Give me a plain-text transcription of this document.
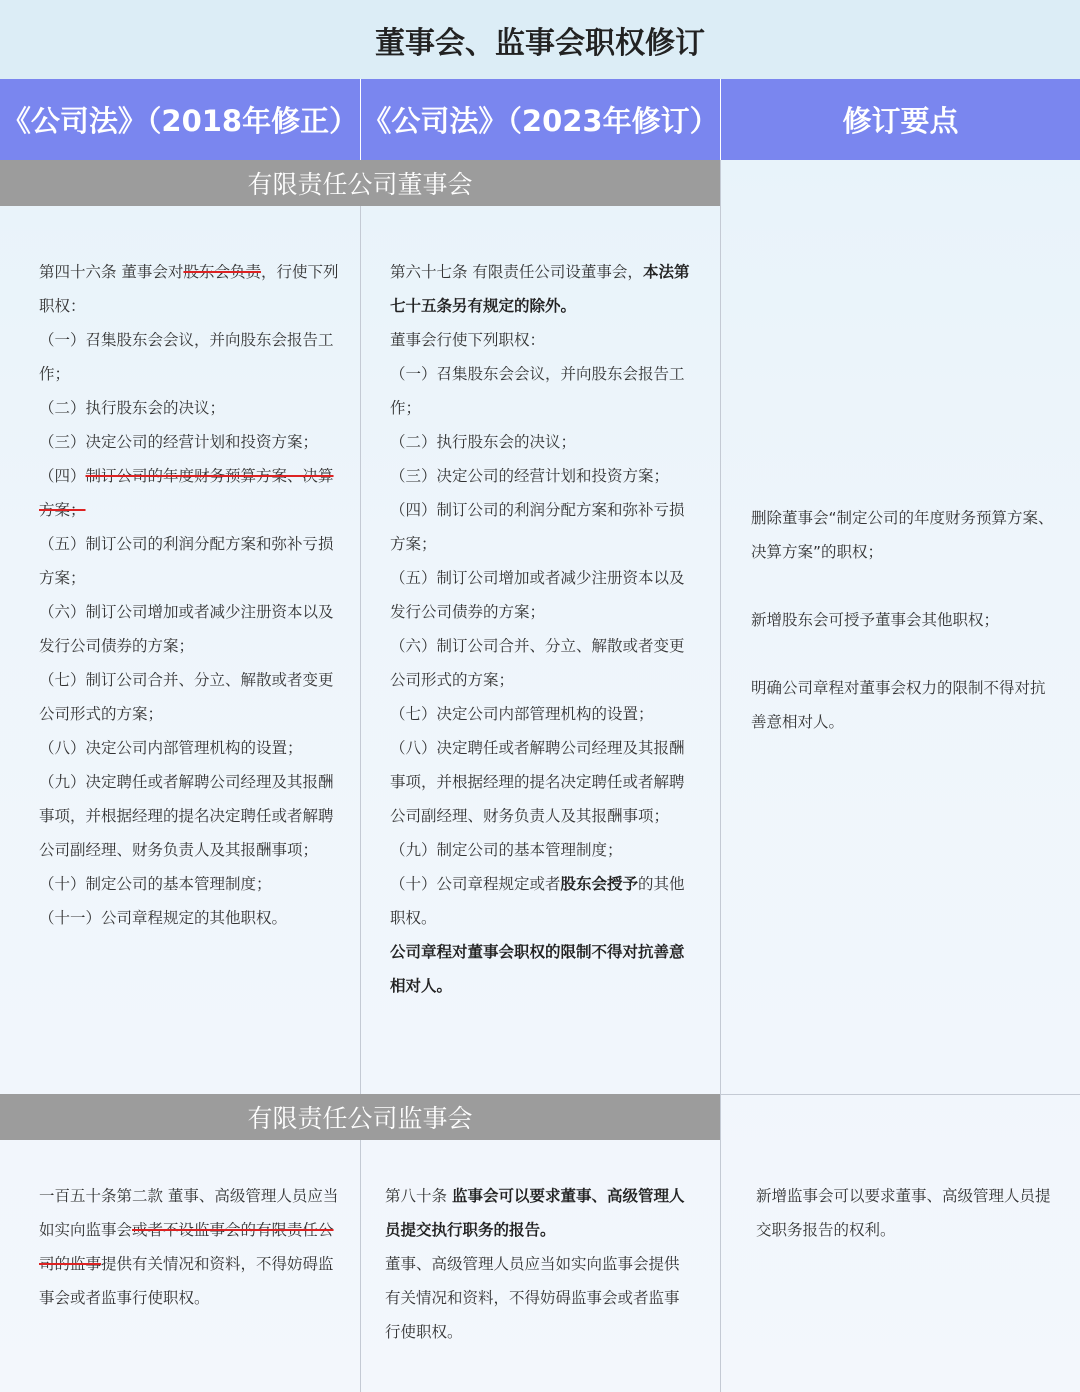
董事会、监事会职权修订
《公司法》（2018年修正） 《公司法》（2023年修订）	修订要点
有限责任公司董事会
有限责任公司监事会

第四十六条 董事会对股东会负责，行使下列职权：

（一）召集股东会会议，并向股东会报告工作；

（二）执行股东会的决议；

（三）决定公司的经营计划和投资方案；

（四）制订公司的年度财务预算方案、决算方案；

（五）制订公司的利润分配方案和弥补亏损方案；

（六）制订公司增加或者减少注册资本以及发行公司债券的方案；

（七）制订公司合并、分立、解散或者变更公司形式的方案；

（八）决定公司内部管理机构的设置；

（九）决定聘任或者解聘公司经理及其报酬事项，并根据经理的提名决定聘任或者解聘公司副经理、财务负责人及其报酬事项；

（十）制定公司的基本管理制度；

（十一）公司章程规定的其他职权。

第六十七条 有限责任公司设董事会，本法第七十五条另有规定的除外。

董事会行使下列职权：

（一）召集股东会会议，并向股东会报告工作；

（二）执行股东会的决议；

（三）决定公司的经营计划和投资方案；

（四）制订公司的利润分配方案和弥补亏损方案；

（五）制订公司增加或者减少注册资本以及发行公司债券的方案；

（六）制订公司合并、分立、解散或者变更公司形式的方案；

（七）决定公司内部管理机构的设置；

（八）决定聘任或者解聘公司经理及其报酬事项，并根据经理的提名决定聘任或者解聘公司副经理、财务负责人及其报酬事项；

（九）制定公司的基本管理制度；

（十）公司章程规定或者股东会授予的其他职权。

公司章程对董事会职权的限制不得对抗善意相对人。

删除董事会“制定公司的年度财务预算方案、决算方案”的职权；

新增股东会可授予董事会其他职权；

明确公司章程对董事会权力的限制不得对抗善意相对人。

一百五十条第二款 董事、高级管理人员应当如实向监事会或者不设监事会的有限责任公司的监事提供有关情况和资料，不得妨碍监事会或者监事行使职权。

第八十条 监事会可以要求董事、高级管理人员提交执行职务的报告。

董事、高级管理人员应当如实向监事会提供有关情况和资料，不得妨碍监事会或者监事行使职权。

新增监事会可以要求董事、高级管理人员提交职务报告的权利。
